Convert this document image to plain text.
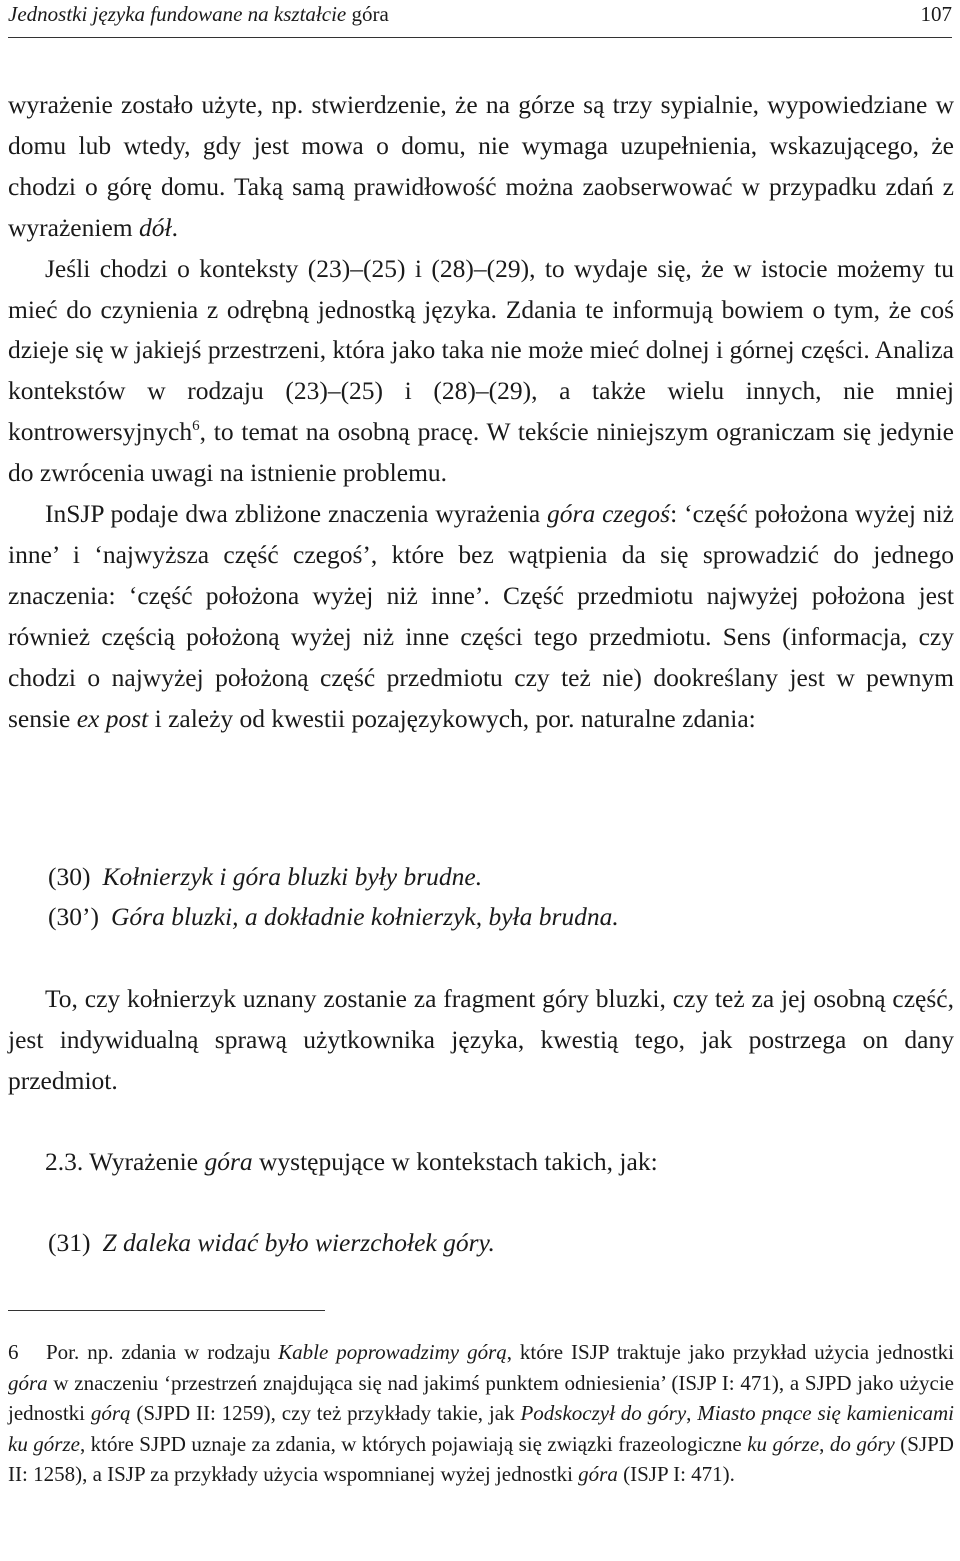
Jednostki języka fundowane na kształcie góra	107

wyrażenie zostało użyte, np. stwierdzenie, że na górze są trzy sypialnie, wypowiedziane w domu lub wtedy, gdy jest mowa o domu, nie wymaga uzupełnienia, wskazującego, że chodzi o górę domu. Taką samą prawidłowość można zaobserwować w przypadku zdań z wyrażeniem dół.

Jeśli chodzi o konteksty (23)–(25) i (28)–(29), to wydaje się, że w istocie możemy tu mieć do czynienia z odrębną jednostką języka. Zdania te informują bowiem o tym, że coś dzieje się w jakiejś przestrzeni, która jako taka nie może mieć dolnej i górnej części. Analiza kontekstów w rodzaju (23)–(25) i (28)–(29), a także wielu innych, nie mniej kontrowersyjnych$^6$, to temat na osobną pracę. W tekście niniejszym ograniczam się jedynie do zwrócenia uwagi na istnienie problemu.

InSJP podaje dwa zbliżone znaczenia wyrażenia góra czegoś: ‘część położona wyżej niż inne’ i ‘najwyższa część czegoś’, które bez wątpienia da się sprowadzić do jednego znaczenia: ‘część położona wyżej niż inne’. Część przedmiotu najwyżej położona jest również częścią położoną wyżej niż inne części tego przedmiotu. Sens (informacja, czy chodzi o najwyżej położoną część przedmiotu czy też nie) dookreślany jest w pewnym sensie ex post i zależy od kwestii pozajęzykowych, por. naturalne zdania:

(30) Kołnierzyk i góra bluzki były brudne.
(30’) Góra bluzki, a dokładnie kołnierzyk, była brudna.

To, czy kołnierzyk uznany zostanie za fragment góry bluzki, czy też za jej osobną część, jest indywidualną sprawą użytkownika języka, kwestią tego, jak postrzega on dany przedmiot.

2.3. Wyrażenie góra występujące w kontekstach takich, jak:

(31) Z daleka widać było wierzchołek góry.

6 Por. np. zdania w rodzaju Kable poprowadzimy górą, które ISJP traktuje jako przykład użycia jednostki góra w znaczeniu ‘przestrzeń znajdująca się nad jakimś punktem odniesienia’ (ISJP I: 471), a SJPD jako użycie jednostki górą (SJPD II: 1259), czy też przykłady takie, jak Podskoczył do góry, Miasto pnące się kamienicami ku górze, które SJPD uznaje za zdania, w których pojawiają się związki frazeologiczne ku górze, do góry (SJPD II: 1258), a ISJP za przykłady użycia wspomnianej wyżej jednostki góra (ISJP I: 471).
